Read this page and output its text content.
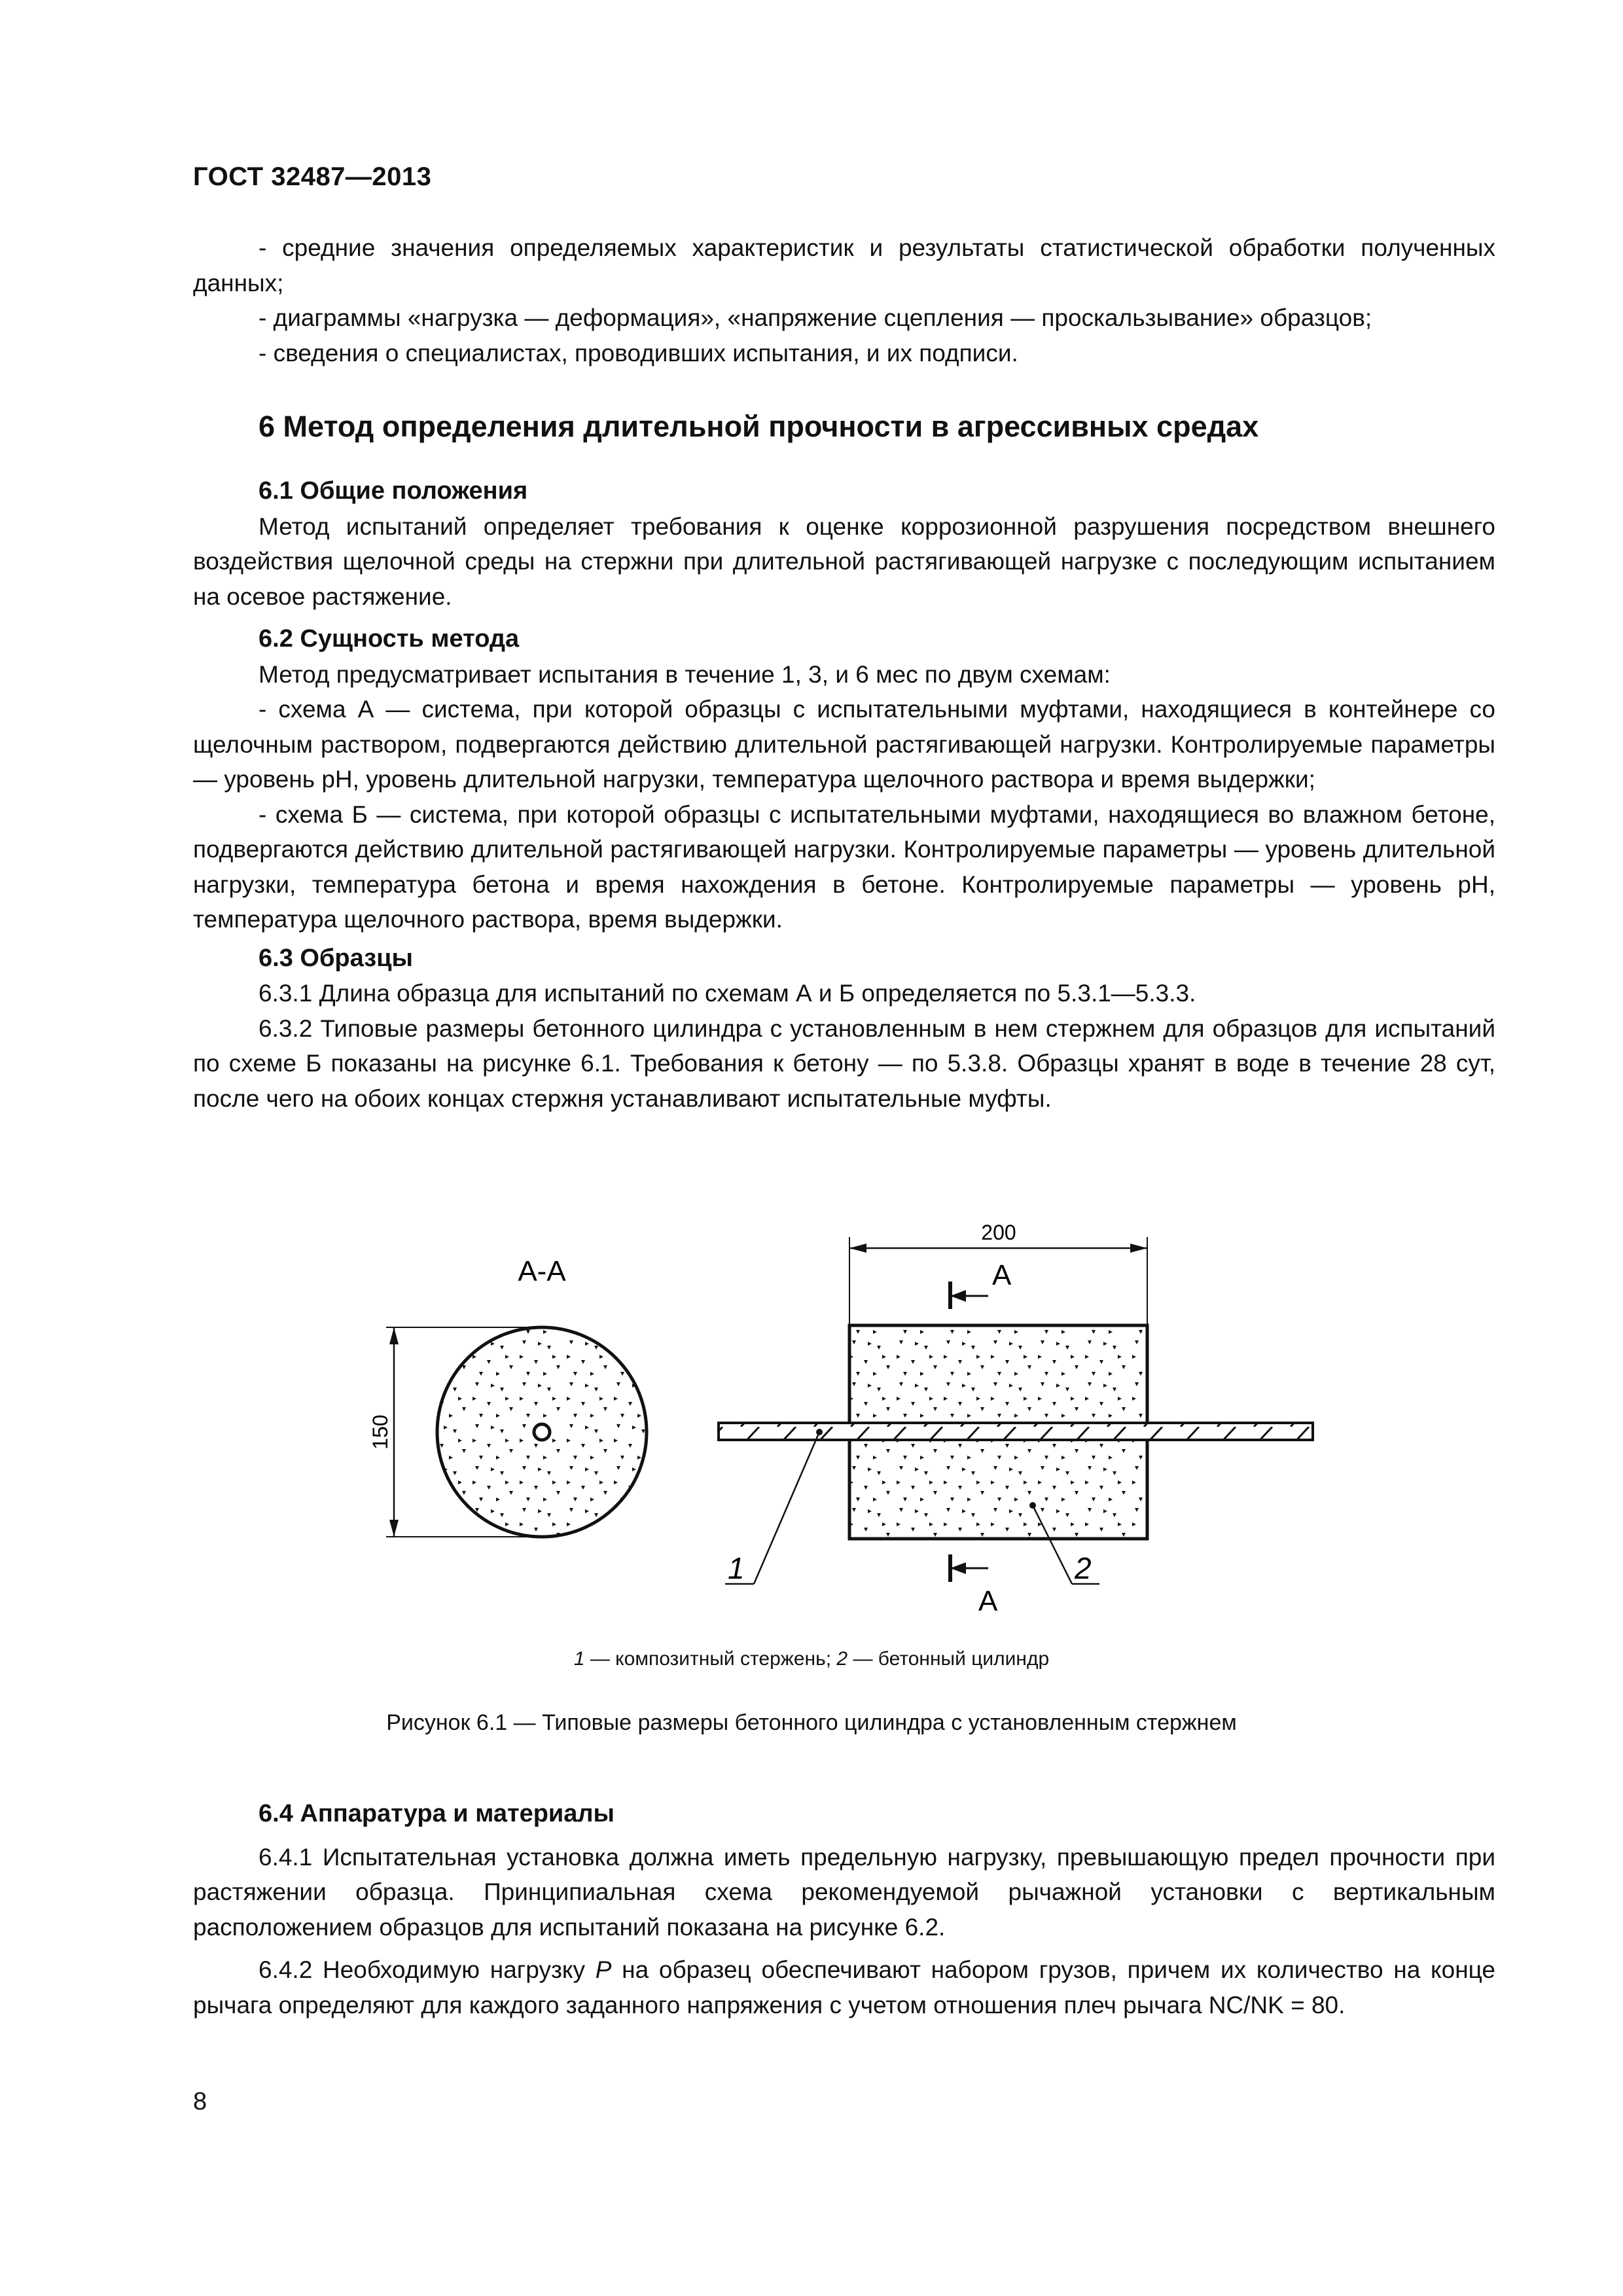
ГОСТ 32487—2013

- средние значения определяемых характеристик и результаты статистической обработки полученных данных;

- диаграммы «нагрузка — деформация», «напряжение сцепления — проскальзывание» образцов;

- сведения о специалистах, проводивших испытания, и их подписи.

6 Метод определения длительной прочности в агрессивных средах

6.1 Общие положения

Метод испытаний определяет требования к оценке коррозионной разрушения посредством внешнего воздействия щелочной среды на стержни при длительной растягивающей нагрузке с последующим испытанием на осевое растяжение.

6.2 Сущность метода

Метод предусматривает испытания в течение 1, 3, и 6 мес по двум схемам:

- схема А — система, при которой образцы с испытательными муфтами, находящиеся в контейнере со щелочным раствором, подвергаются действию длительной растягивающей нагрузки. Контролируемые параметры — уровень pH, уровень длительной нагрузки, температура щелочного раствора и время выдержки;

- схема Б — система, при которой образцы с испытательными муфтами, находящиеся во влажном бетоне, подвергаются действию длительной растягивающей нагрузки. Контролируемые параметры — уровень длительной нагрузки, температура бетона и время нахождения в бетоне. Контролируемые параметры — уровень pH, температура щелочного раствора, время выдержки.

6.3 Образцы

6.3.1 Длина образца для испытаний по схемам А и Б определяется по 5.3.1—5.3.3.

6.3.2 Типовые размеры бетонного цилиндра с установленным в нем стержнем для образцов для испытаний по схеме Б показаны на рисунке 6.1. Требования к бетону — по 5.3.8. Образцы хранят в воде в течение 28 сут, после чего на обоих концах стержня устанавливают испытательные муфты.

А-А
150
200
А
А
1	2
1 — композитный стержень; 2 — бетонный цилиндр
Рисунок 6.1 — Типовые размеры бетонного цилиндра с установленным стержнем

6.4 Аппаратура и материалы

6.4.1 Испытательная установка должна иметь предельную нагрузку, превышающую предел прочности при растяжении образца. Принципиальная схема рекомендуемой рычажной установки с вертикальным расположением образцов для испытаний показана на рисунке 6.2.

6.4.2 Необходимую нагрузку P на образец обеспечивают набором грузов, причем их количество на конце рычага определяют для каждого заданного напряжения с учетом отношения плеч рычага NC/NK = 80.

8
